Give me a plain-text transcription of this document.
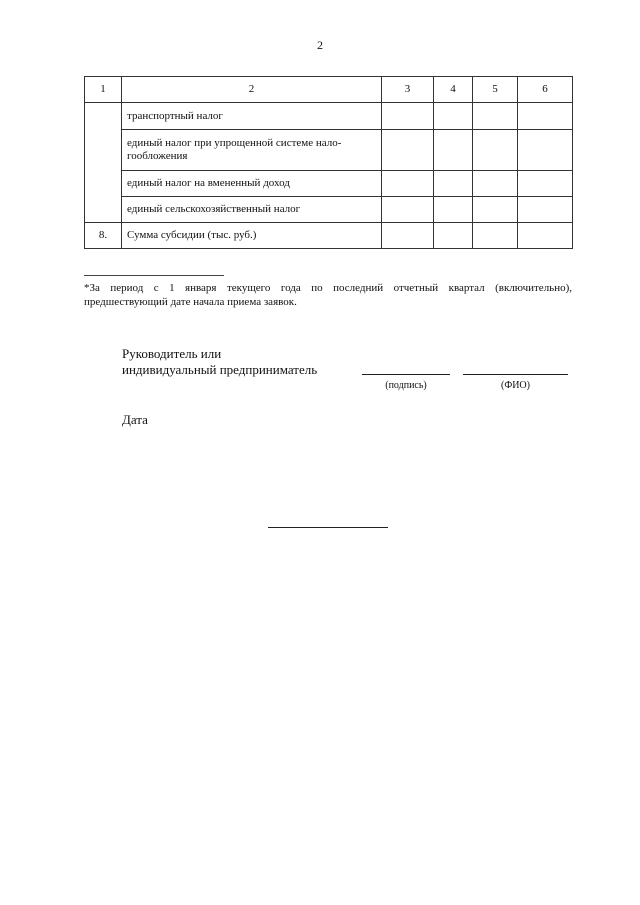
2
1	2	3	4	5	6
	транспортный налог				
	единый налог при упрощенной системе нало-гообложения				
	единый налог на вмененный доход				
	единый сельскохозяйственный налог				
8.	Сумма субсидии (тыс. руб.)				
*За период с 1 января текущего года по последний отчетный квартал (включительно), предшествующий дате начала приема заявок.
Руководитель или
индивидуальный предприниматель
(подпись)	(ФИО)
Дата
